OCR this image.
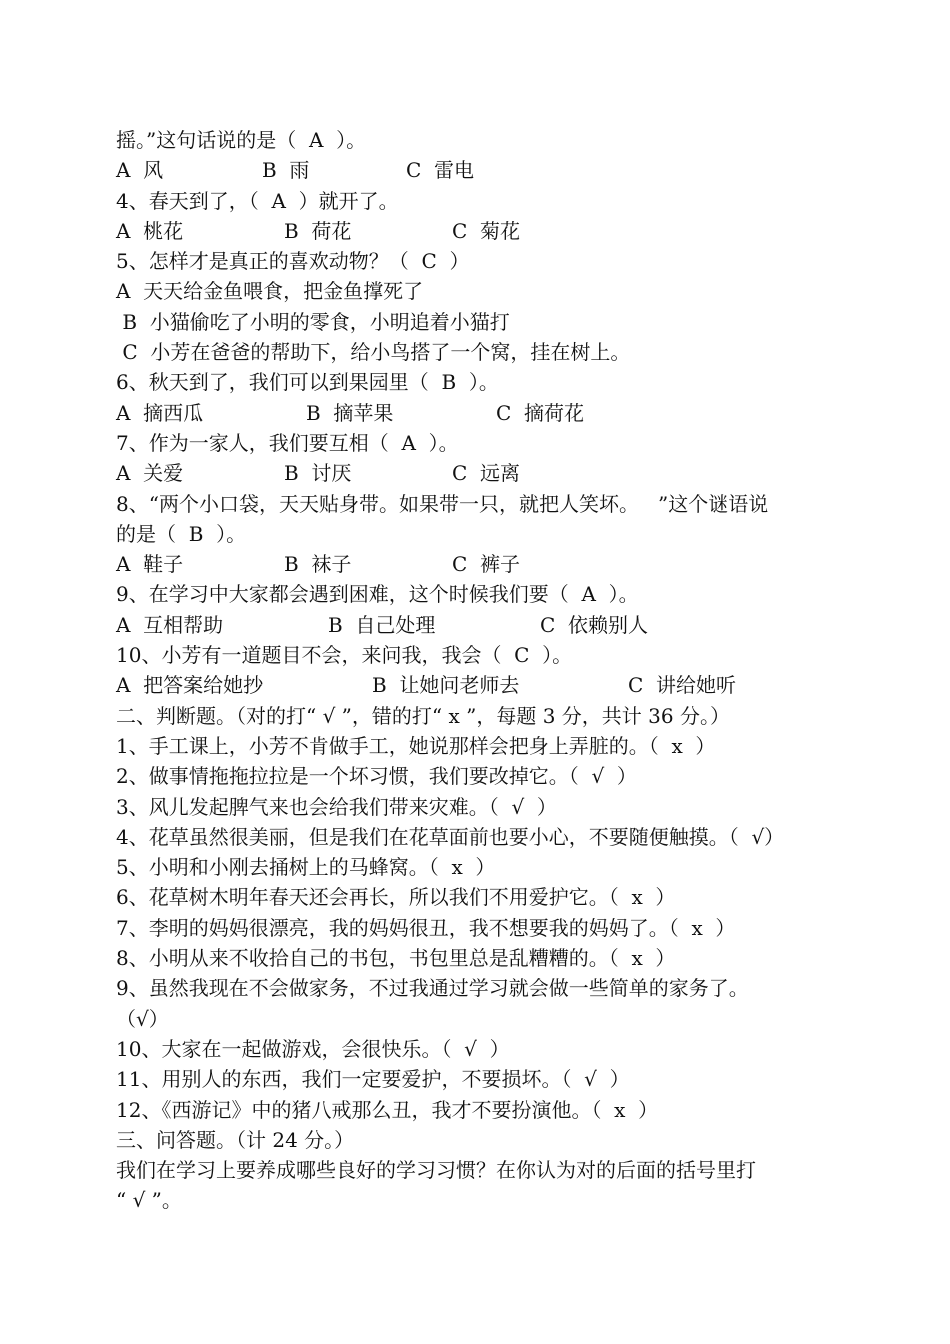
摇。”这句话说的是（  A  ）。
A  风	B  雨	C  雷电
4、春天到了，（  A  ）就开了。
A  桃花	B  荷花	C  菊花
5、怎样才是真正的喜欢动物？（  C  ）
A  天天给金鱼喂食，把金鱼撑死了
B  小猫偷吃了小明的零食，小明追着小猫打
C  小芳在爸爸的帮助下，给小鸟搭了一个窝，挂在树上。
6、秋天到了，我们可以到果园里（  B  ）。
A  摘西瓜	B  摘苹果	C  摘荷花
7、作为一家人，我们要互相（  A  ）。
A  关爱	B  讨厌	C  远离
8、“两个小口袋，天天贴身带。如果带一只，就把人笑坏。   ”这个谜语说
的是（  B  ）。
A  鞋子	B  袜子	C  裤子
9、在学习中大家都会遇到困难，这个时候我们要（  A  ）。
A  互相帮助	B  自己处理	C  依赖别人
10、小芳有一道题目不会，来问我，我会（  C  ）。
A  把答案给她抄	B  让她问老师去	C  讲给她听
二、判断题。（对的打“ √ ”，错的打“ x ”，每题 3 分，共计 36 分。）
1、手工课上，小芳不肯做手工，她说那样会把身上弄脏的。（  x  ）
2、做事情拖拖拉拉是一个坏习惯，我们要改掉它。（  √  ）
3、风儿发起脾气来也会给我们带来灾难。（  √  ）
4、花草虽然很美丽，但是我们在花草面前也要小心，不要随便触摸。（  √）
5、小明和小刚去捅树上的马蜂窝。（  x  ）
6、花草树木明年春天还会再长，所以我们不用爱护它。（  x  ）
7、李明的妈妈很漂亮，我的妈妈很丑，我不想要我的妈妈了。（  x  ）
8、小明从来不收拾自己的书包，书包里总是乱糟糟的。（  x  ）
9、虽然我现在不会做家务，不过我通过学习就会做一些简单的家务了。
（√）
10、大家在一起做游戏，会很快乐。（  √  ）
11、用别人的东西，我们一定要爱护，不要损坏。（  √  ）
12、《西游记》中的猪八戒那么丑，我才不要扮演他。（  x  ）
三、问答题。（计 24 分。）
我们在学习上要养成哪些良好的学习习惯？在你认为对的后面的括号里打
“ √ ”。
